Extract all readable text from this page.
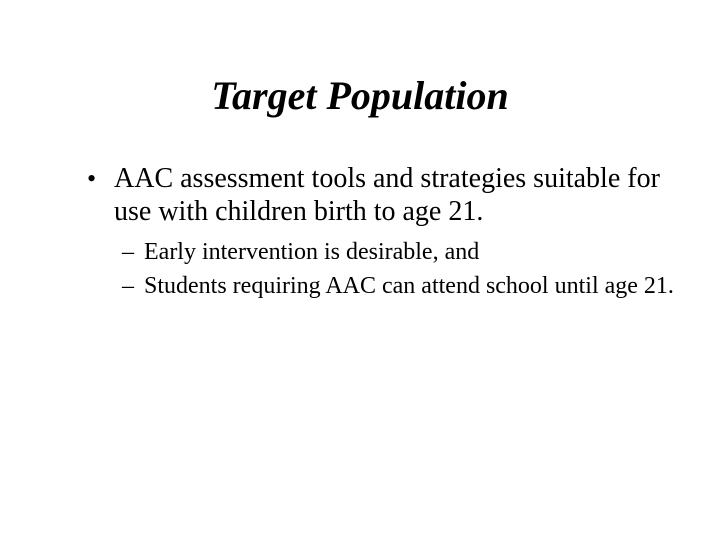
Target Population
• AAC assessment tools and strategies suitable for use with children birth to age 21.
– Early intervention is desirable, and
– Students requiring AAC can attend school until age 21.
